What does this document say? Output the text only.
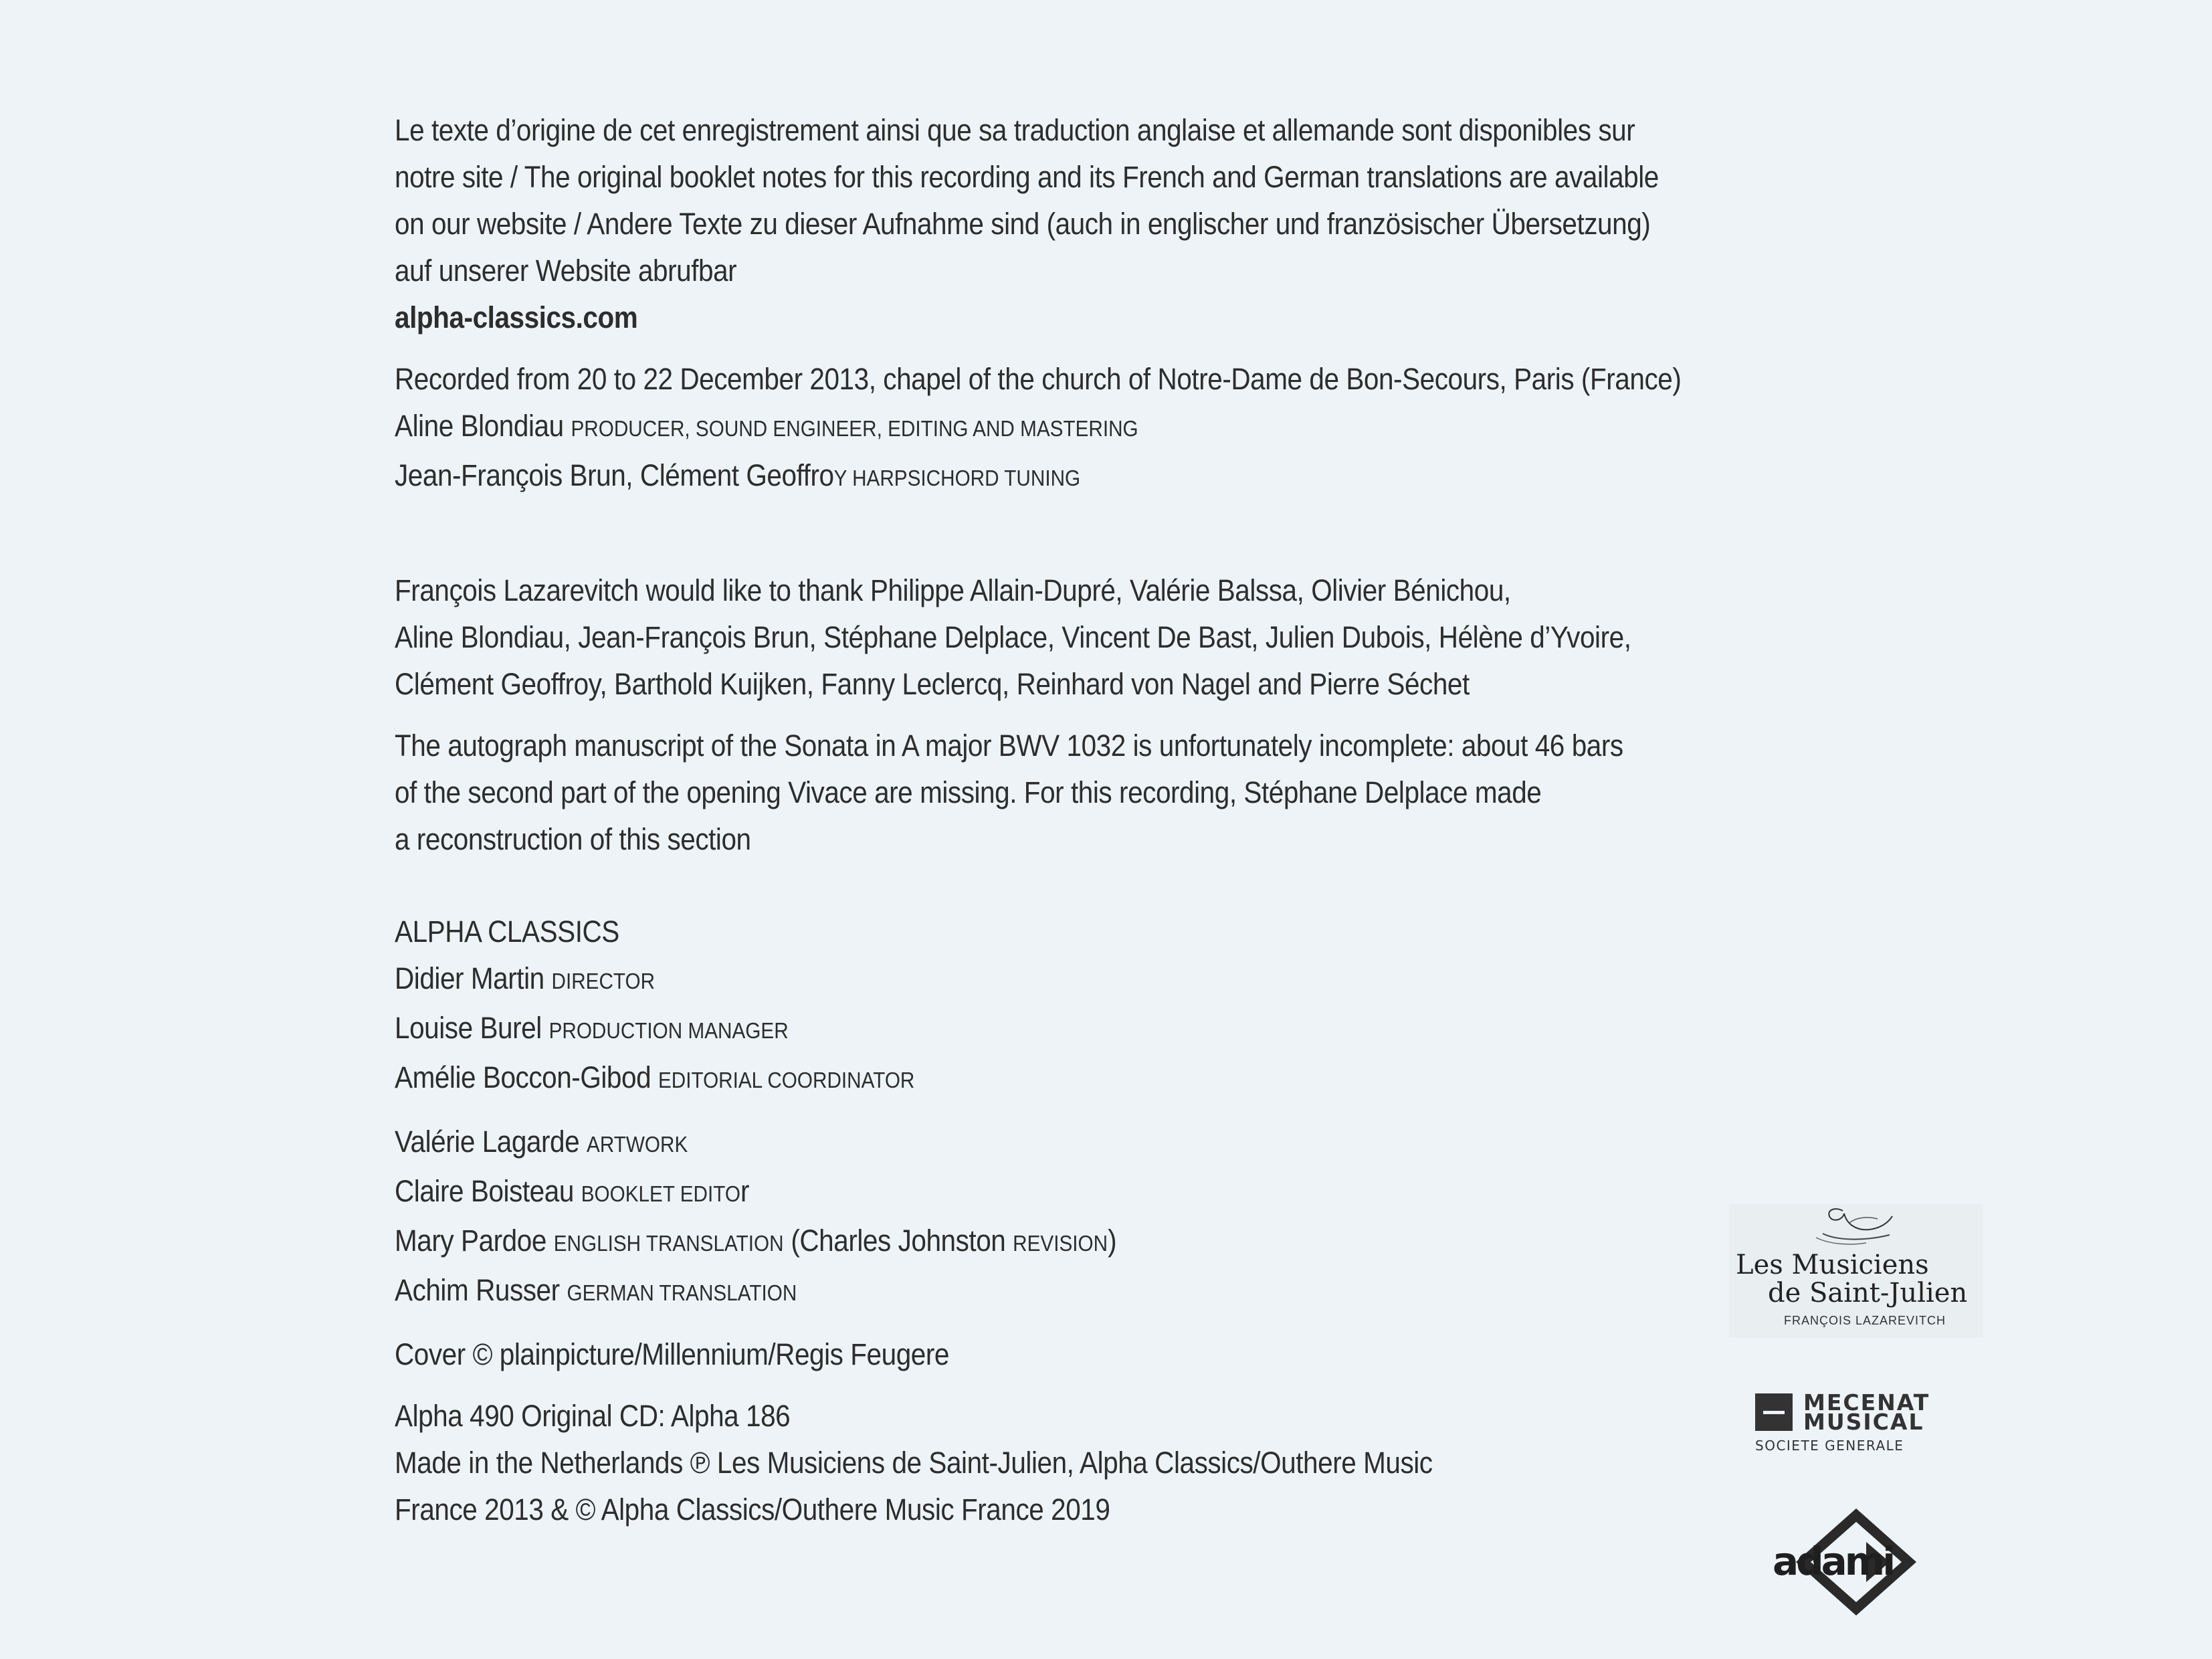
Le texte d’origine de cet enregistrement ainsi que sa traduction anglaise et allemande sont disponibles sur
notre site / The original booklet notes for this recording and its French and German translations are available
on our website / Andere Texte zu dieser Aufnahme sind (auch in englischer und französischer Übersetzung)
auf unserer Website abrufbar
alpha-classics.com

Recorded from 20 to 22 December 2013, chapel of the church of Notre-Dame de Bon-Secours, Paris (France)
Aline Blondiau PRODUCER, SOUND ENGINEER, EDITING AND MASTERING
Jean-François Brun, Clément GeoffroY HARPSICHORD TUNING

François Lazarevitch would like to thank Philippe Allain-Dupré, Valérie Balssa, Olivier Bénichou,
Aline Blondiau, Jean-François Brun, Stéphane Delplace, Vincent De Bast, Julien Dubois, Hélène d’Yvoire,
Clément Geoffroy, Barthold Kuijken, Fanny Leclercq, Reinhard von Nagel and Pierre Séchet

The autograph manuscript of the Sonata in A major BWV 1032 is unfortunately incomplete: about 46 bars
of the second part of the opening Vivace are missing. For this recording, Stéphane Delplace made
a reconstruction of this section

ALPHA CLASSICS
Didier Martin DIRECTOR
Louise Burel PRODUCTION MANAGER
Amélie Boccon-Gibod EDITORIAL COORDINATOR

Valérie Lagarde ARTWORK
Claire Boisteau BOOKLET EDITOr
Mary Pardoe ENGLISH TRANSLATION (Charles Johnston REVISION)
Achim Russer GERMAN TRANSLATION

Cover © plainpicture/Millennium/Regis Feugere

Alpha 490 Original CD: Alpha 186
Made in the Netherlands ℗ Les Musiciens de Saint-Julien, Alpha Classics/Outhere Music
France 2013 & © Alpha Classics/Outhere Music France 2019

Les Musiciens
de Saint-Julien
FRANÇOIS LAZAREVITCH
MECENAT
MUSICAL
SOCIETE GENERALE
adami
